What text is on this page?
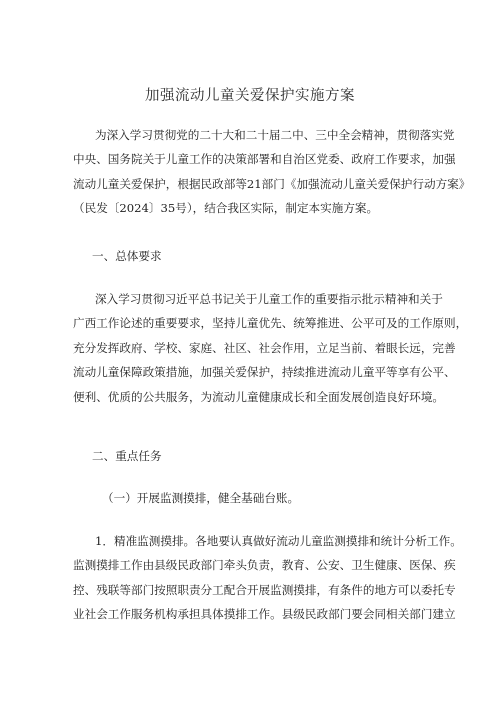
加强流动儿童关爱保护实施方案
为深入学习贯彻党的二十大和二十届二中、三中全会精神，贯彻落实党
中央、国务院关于儿童工作的决策部署和自治区党委、政府工作要求，加强
流动儿童关爱保护，根据民政部等21部门《加强流动儿童关爱保护行动方案》
（民发〔2024〕35号），结合我区实际，制定本实施方案。
一、总体要求
深入学习贯彻习近平总书记关于儿童工作的重要指示批示精神和关于
广西工作论述的重要要求，坚持儿童优先、统筹推进、公平可及的工作原则，
充分发挥政府、学校、家庭、社区、社会作用，立足当前、着眼长远，完善
流动儿童保障政策措施，加强关爱保护，持续推进流动儿童平等享有公平、
便利、优质的公共服务，为流动儿童健康成长和全面发展创造良好环境。
二、重点任务
（一）开展监测摸排，健全基础台账。
1．精准监测摸排。各地要认真做好流动儿童监测摸排和统计分析工作。
监测摸排工作由县级民政部门牵头负责，教育、公安、卫生健康、医保、疾
控、残联等部门按照职责分工配合开展监测摸排，有条件的地方可以委托专
业社会工作服务机构承担具体摸排工作。县级民政部门要会同相关部门建立
